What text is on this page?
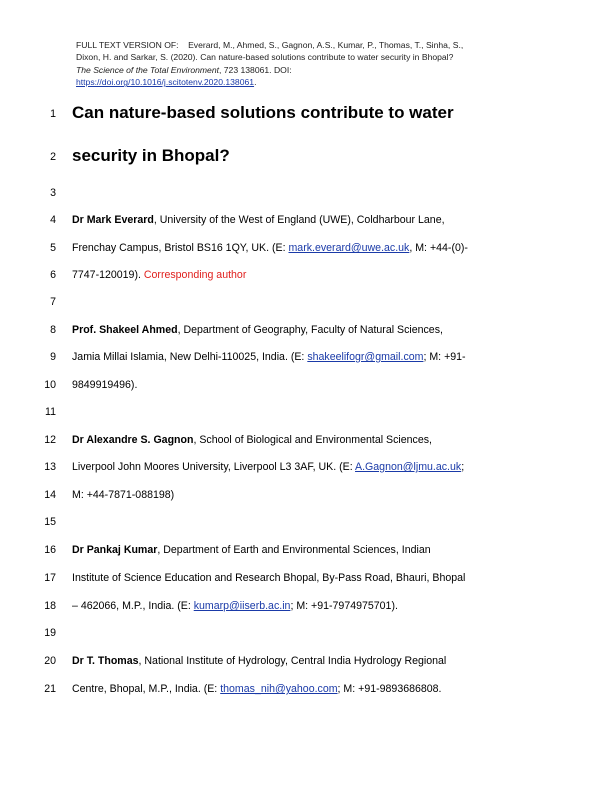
FULL TEXT VERSION OF: Everard, M., Ahmed, S., Gagnon, A.S., Kumar, P., Thomas, T., Sinha, S.,
Dixon, H. and Sarkar, S. (2020). Can nature-based solutions contribute to water security in Bhopal?
The Science of the Total Environment, 723 138061. DOI:
https://doi.org/10.1016/j.scitotenv.2020.138061.
1
2
3
4
5
6
7
8
9
10
11
12
13
14
15
16
17
18
19
20
21
Can nature-based solutions contribute to water
security in Bhopal?
Dr Mark Everard, University of the West of England (UWE), Coldharbour Lane,
Frenchay Campus, Bristol BS16 1QY, UK. (E: mark.everard@uwe.ac.uk, M: +44-(0)-
7747-120019). Corresponding author
Prof. Shakeel Ahmed, Department of Geography, Faculty of Natural Sciences,
Jamia Millai Islamia, New Delhi-110025, India. (E: shakeelifogr@gmail.com; M: +91-
9849919496).
Dr Alexandre S. Gagnon, School of Biological and Environmental Sciences,
Liverpool John Moores University, Liverpool L3 3AF, UK. (E: A.Gagnon@ljmu.ac.uk;
M: +44-7871-088198)
Dr Pankaj Kumar, Department of Earth and Environmental Sciences, Indian
Institute of Science Education and Research Bhopal, By-Pass Road, Bhauri, Bhopal
– 462066, M.P., India. (E: kumarp@iiserb.ac.in; M: +91-7974975701).
Dr T. Thomas, National Institute of Hydrology, Central India Hydrology Regional
Centre, Bhopal, M.P., India. (E: thomas_nih@yahoo.com; M: +91-9893686808.
